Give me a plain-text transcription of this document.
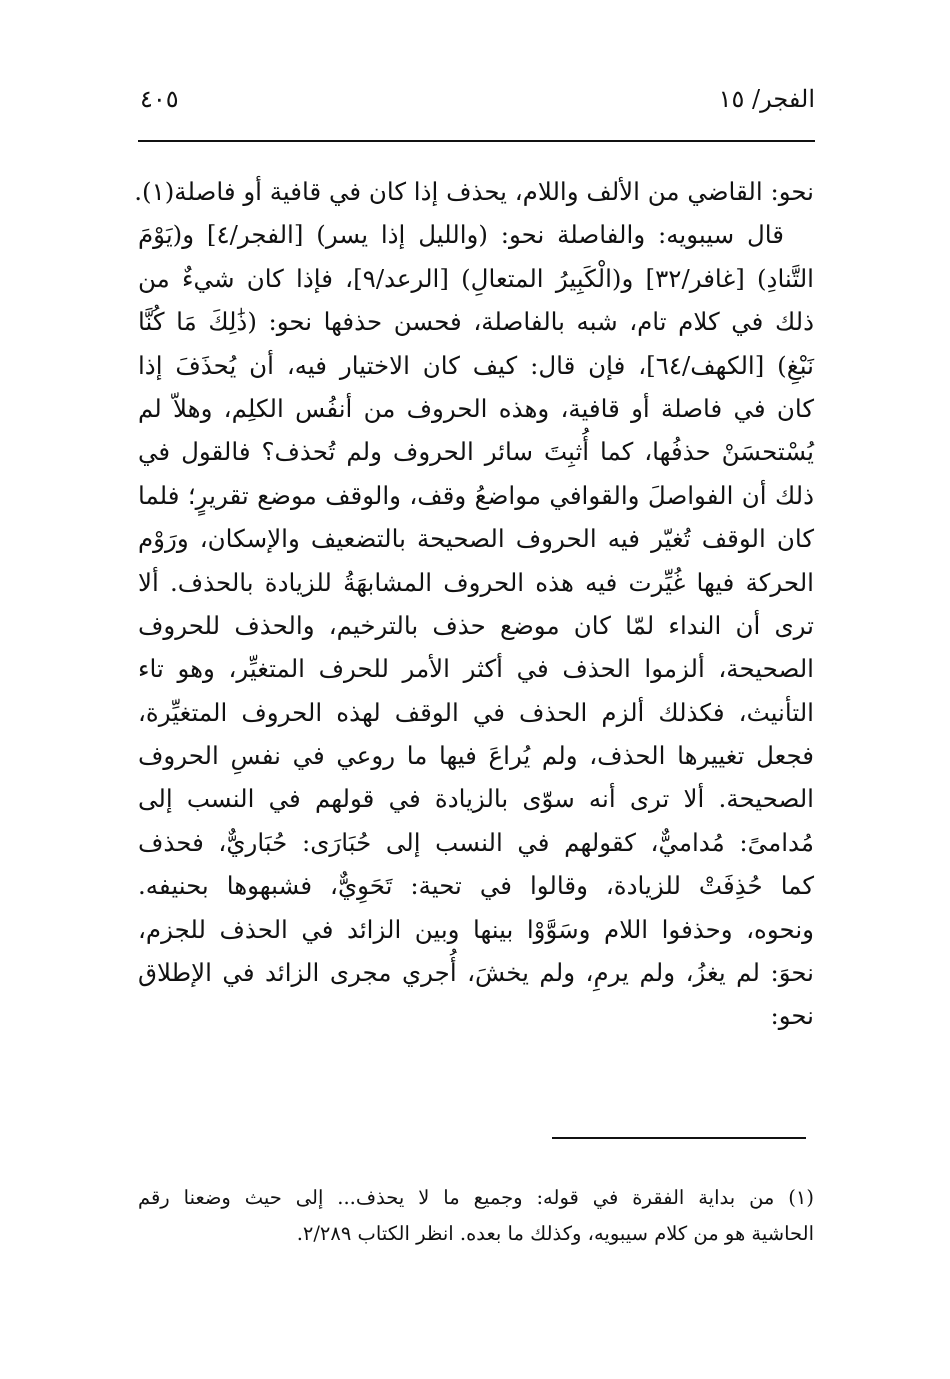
الفجر/ ١٥
٤٠٥
نحو: القاضي من الألف واللام، يحذف إذا كان في قافية أو فاصلة(١).
قال سيبويه: والفاصلة نحو: (والليل إذا يسر) [الفجر/٤] و(يَوْمَ
التَّنادِ) [غافر/٣٢] و(الْكَبِيرُ المتعالِ) [الرعد/٩]، فإذا كان شيءٌ من
ذلك في كلام تام، شبه بالفاصلة، فحسن حذفها نحو: (ذَٰلِكَ مَا كُنَّا
نَبْغِ) [الكهف/٦٤]، فإن قال: كيف كان الاختيار فيه، أن يُحذَفَ إذا
كان في فاصلة أو قافية، وهذه الحروف من أنفُس الكلِم، وهلاّ لم
يُسْتحسَنْ حذفُها، كما أُثبِتَ سائر الحروف ولم تُحذف؟ فالقول في
ذلك أن الفواصلَ والقوافي مواضعُ وقف، والوقف موضع تقريرٍ؛ فلما
كان الوقف تُغيّر فيه الحروف الصحيحة بالتضعيف والإسكان، ورَوْم
الحركة فيها غُيِّرت فيه هذه الحروف المشابهَةُ للزيادة بالحذف. ألا
ترى أن النداء لمّا كان موضع حذف بالترخيم، والحذف للحروف
الصحيحة، ألزموا الحذف في أكثر الأمر للحرف المتغيِّر، وهو تاء
التأنيث، فكذلك ألزم الحذف في الوقف لهذه الحروف المتغيِّرة،
فجعل تغييرها الحذف، ولم يُراعَ فيها ما روعي في نفسِ الحروف
الصحيحة. ألا ترى أنه سوّى بالزيادة في قولهم في النسب إلى
مُدامىً: مُداميٌّ، كقولهم في النسب إلى حُبَارَى: حُبَاريٌّ، فحذف
كما حُذِفَتْ للزيادة، وقالوا في تحية: تَحَوِيٌّ، فشبهوها بحنيفه.
ونحوه، وحذفوا اللام وسَوَّوْا بينها وبين الزائد في الحذف للجزم،
نحوَ: لم يغزُ، ولم يرمِ، ولم يخشَ، أُجري مجرى الزائد في الإطلاق
نحو:
(١) من بداية الفقرة في قوله: وجميع ما لا يحذف... إلى حيث وضعنا رقم
الحاشية هو من كلام سيبويه، وكذلك ما بعده. انظر الكتاب ٢/٢٨٩.
